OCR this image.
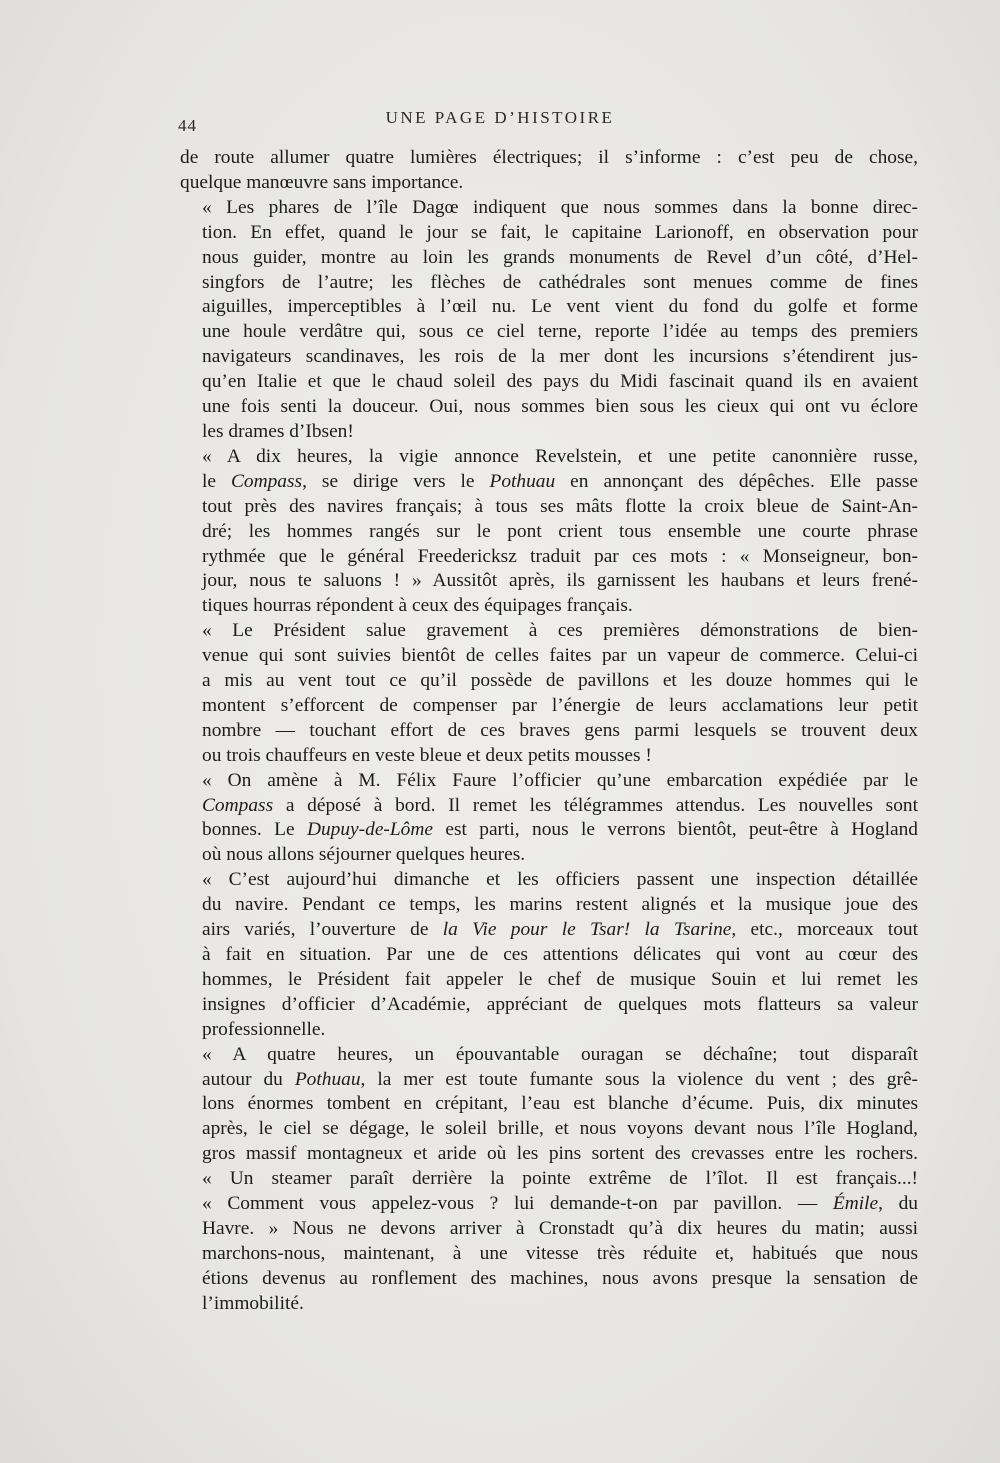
44	UNE PAGE D’HISTOIRE

de route allumer quatre lumières électriques; il s’informe : c’est peu de chose,
quelque manœuvre sans importance.

« Les phares de l’île Dagœ indiquent que nous sommes dans la bonne direc-
tion. En effet, quand le jour se fait, le capitaine Larionoff, en observation pour
nous guider, montre au loin les grands monuments de Revel d’un côté, d’Hel-
singfors de l’autre; les flèches de cathédrales sont menues comme de fines
aiguilles, imperceptibles à l’œil nu. Le vent vient du fond du golfe et forme
une houle verdâtre qui, sous ce ciel terne, reporte l’idée au temps des premiers
navigateurs scandinaves, les rois de la mer dont les incursions s’étendirent jus-
qu’en Italie et que le chaud soleil des pays du Midi fascinait quand ils en avaient
une fois senti la douceur. Oui, nous sommes bien sous les cieux qui ont vu éclore
les drames d’Ibsen!

« A dix heures, la vigie annonce Revelstein, et une petite canonnière russe,
le Compass, se dirige vers le Pothuau en annonçant des dépêches. Elle passe
tout près des navires français; à tous ses mâts flotte la croix bleue de Saint-An-
dré; les hommes rangés sur le pont crient tous ensemble une courte phrase
rythmée que le général Freedericksz traduit par ces mots : « Monseigneur, bon-
jour, nous te saluons ! » Aussitôt après, ils garnissent les haubans et leurs frené-
tiques hourras répondent à ceux des équipages français.

« Le Président salue gravement à ces premières démonstrations de bien-
venue qui sont suivies bientôt de celles faites par un vapeur de commerce. Celui-ci
a mis au vent tout ce qu’il possède de pavillons et les douze hommes qui le
montent s’efforcent de compenser par l’énergie de leurs acclamations leur petit
nombre — touchant effort de ces braves gens parmi lesquels se trouvent deux
ou trois chauffeurs en veste bleue et deux petits mousses !

« On amène à M. Félix Faure l’officier qu’une embarcation expédiée par le
Compass a déposé à bord. Il remet les télégrammes attendus. Les nouvelles sont
bonnes. Le Dupuy-de-Lôme est parti, nous le verrons bientôt, peut-être à Hogland
où nous allons séjourner quelques heures.

« C’est aujourd’hui dimanche et les officiers passent une inspection détaillée
du navire. Pendant ce temps, les marins restent alignés et la musique joue des
airs variés, l’ouverture de la Vie pour le Tsar! la Tsarine, etc., morceaux tout
à fait en situation. Par une de ces attentions délicates qui vont au cœur des
hommes, le Président fait appeler le chef de musique Souin et lui remet les
insignes d’officier d’Académie, appréciant de quelques mots flatteurs sa valeur
professionnelle.

« A quatre heures, un épouvantable ouragan se déchaîne; tout disparaît
autour du Pothuau, la mer est toute fumante sous la violence du vent ; des grê-
lons énormes tombent en crépitant, l’eau est blanche d’écume. Puis, dix minutes
après, le ciel se dégage, le soleil brille, et nous voyons devant nous l’île Hogland,
gros massif montagneux et aride où les pins sortent des crevasses entre les rochers.

« Un steamer paraît derrière la pointe extrême de l’îlot. Il est français...!
« Comment vous appelez-vous ? lui demande-t-on par pavillon. — Émile, du
Havre. » Nous ne devons arriver à Cronstadt qu’à dix heures du matin; aussi
marchons-nous, maintenant, à une vitesse très réduite et, habitués que nous
étions devenus au ronflement des machines, nous avons presque la sensation de
l’immobilité.
